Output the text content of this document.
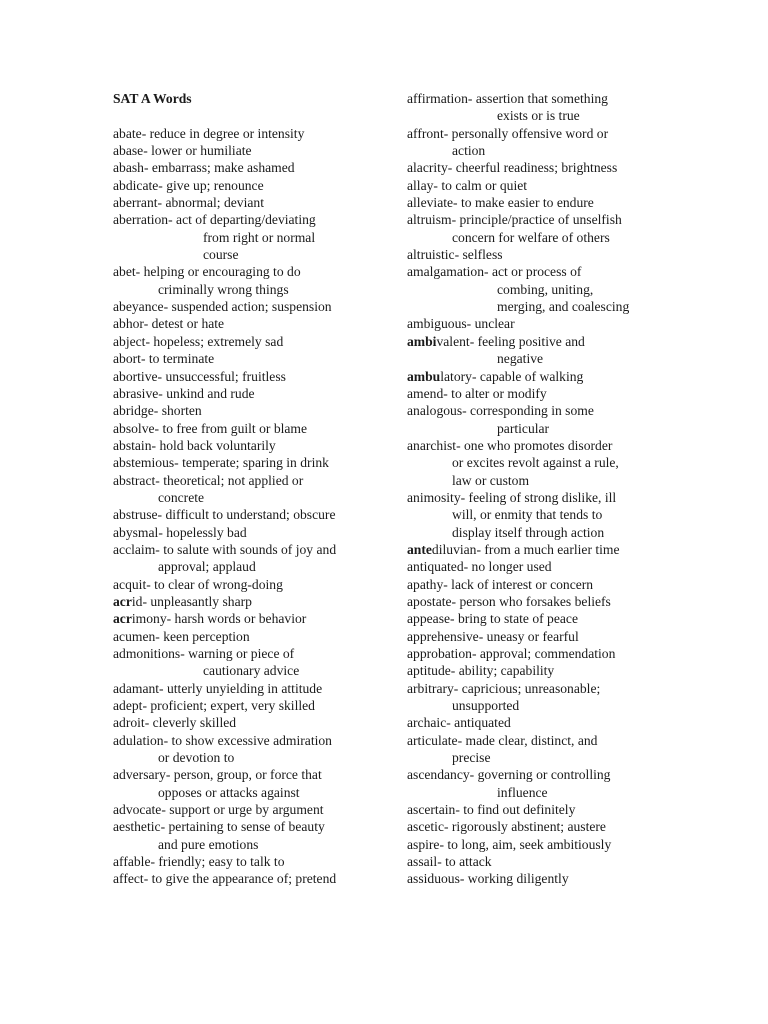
SAT A Words
abate- reduce in degree or intensity
abase- lower or humiliate
abash- embarrass; make ashamed
abdicate- give up; renounce
aberrant- abnormal; deviant
aberration- act of departing/deviating
from right or normal
course
abet- helping or encouraging to do
criminally wrong things
abeyance- suspended action; suspension
abhor- detest or hate
abject- hopeless; extremely sad
abort- to terminate
abortive- unsuccessful; fruitless
abrasive- unkind and rude
abridge- shorten
absolve- to free from guilt or blame
abstain- hold back voluntarily
abstemious- temperate; sparing in drink
abstract- theoretical; not applied or
concrete
abstruse- difficult to understand; obscure
abysmal- hopelessly bad
acclaim- to salute with sounds of joy and
approval; applaud
acquit- to clear of wrong-doing
acrid- unpleasantly sharp
acrimony- harsh words or behavior
acumen- keen perception
admonitions- warning or piece of
cautionary advice
adamant- utterly unyielding in attitude
adept- proficient; expert, very skilled
adroit- cleverly skilled
adulation- to show excessive admiration
or devotion to
adversary- person, group, or force that
opposes or attacks against
advocate- support or urge by argument
aesthetic- pertaining to sense of beauty
and pure emotions
affable- friendly; easy to talk to
affect- to give the appearance of; pretend
affirmation- assertion that something
exists or is true
affront- personally offensive word or
action
alacrity- cheerful readiness; brightness
allay- to calm or quiet
alleviate- to make easier to endure
altruism- principle/practice of unselfish
concern for welfare of others
altruistic- selfless
amalgamation- act or process of
combing, uniting,
merging, and coalescing
ambiguous- unclear
ambivalent- feeling positive and
negative
ambulatory- capable of walking
amend- to alter or modify
analogous- corresponding in some
particular
anarchist- one who promotes disorder
or excites revolt against a rule,
law or custom
animosity- feeling of strong dislike, ill
will, or enmity that tends to
display itself through action
antediluvian- from a much earlier time
antiquated- no longer used
apathy- lack of interest or concern
apostate- person who forsakes beliefs
appease- bring to state of peace
apprehensive- uneasy or fearful
approbation- approval; commendation
aptitude- ability; capability
arbitrary- capricious; unreasonable;
unsupported
archaic- antiquated
articulate- made clear, distinct, and
precise
ascendancy- governing or controlling
influence
ascertain- to find out definitely
ascetic- rigorously abstinent; austere
aspire- to long, aim, seek ambitiously
assail- to attack
assiduous- working diligently
